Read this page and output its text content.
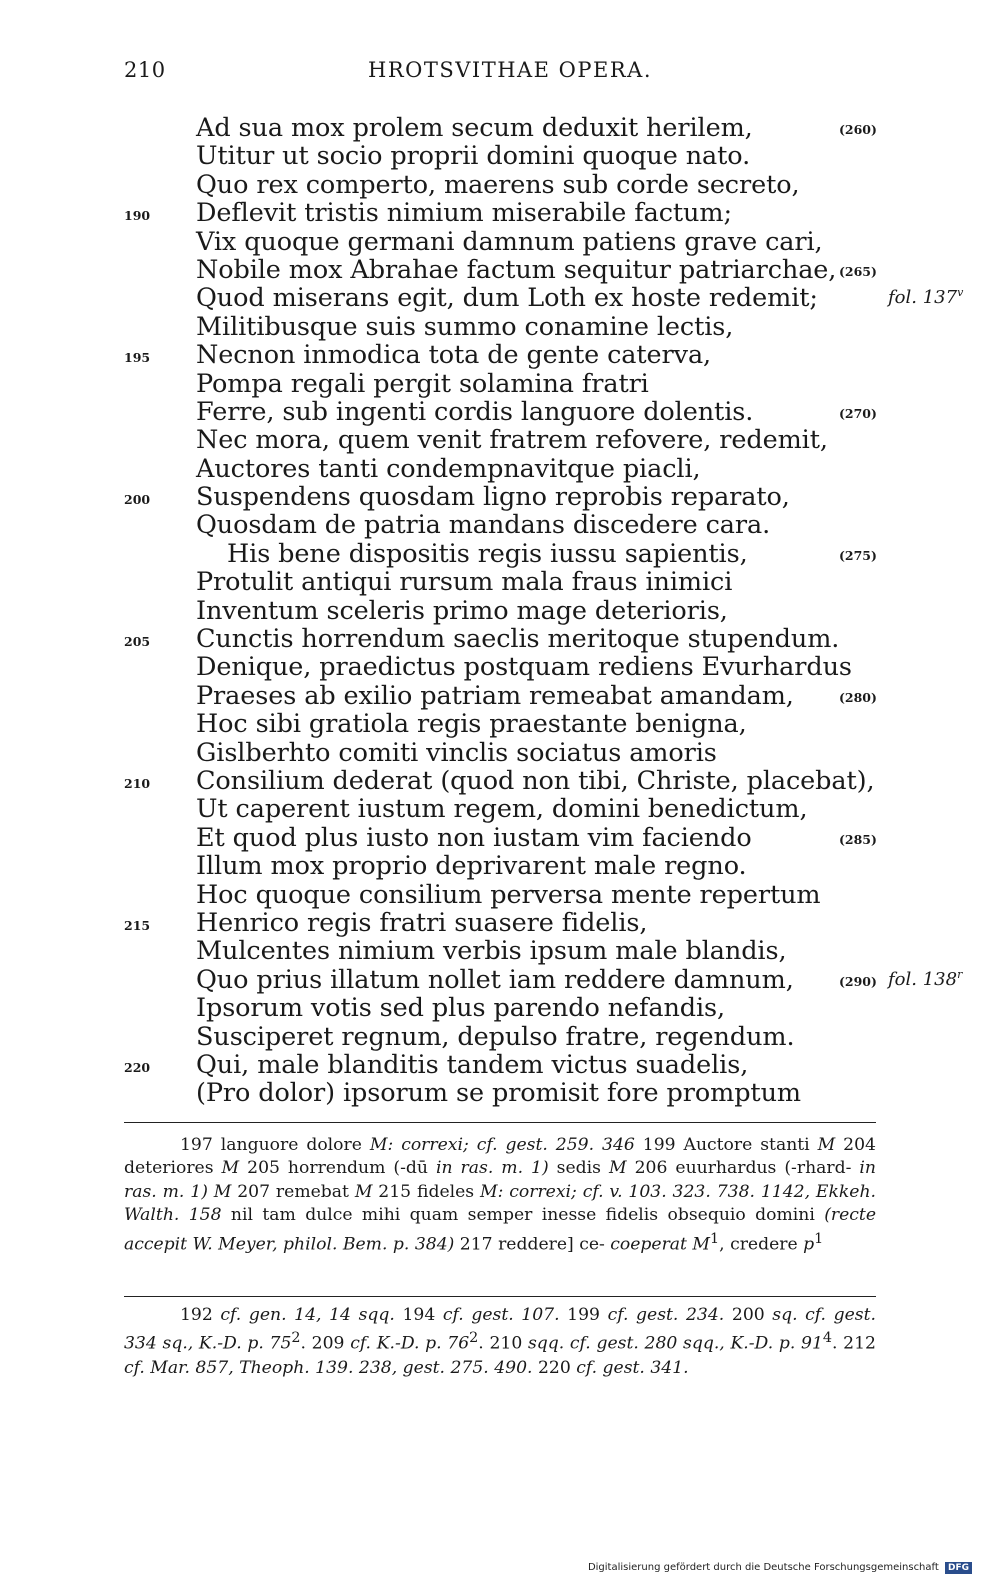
210	HROTSVITHAE OPERA.
Ad sua mox prolem secum deduxit herilem,	(260)
Utitur ut socio proprii domini quoque nato.
Quo rex comperto, maerens sub corde secreto,
190 Deflevit tristis nimium miserabile factum;
Vix quoque germani damnum patiens grave cari,
Nobile mox Abrahae factum sequitur patriarchae, (265)
Quod miserans egit, dum Loth ex hoste redemit;	fol. 137$^v$
Militibusque suis summo conamine lectis,
195 Necnon inmodica tota de gente caterva,
Pompa regali pergit solamina fratri
Ferre, sub ingenti cordis languore dolentis.	(270)
Nec mora, quem venit fratrem refovere, redemit,
Auctores tanti condempnavitque piacli,
200 Suspendens quosdam ligno reprobis reparato,
Quosdam de patria mandans discedere cara.
His bene dispositis regis iussu sapientis,	(275)
Protulit antiqui rursum mala fraus inimici
Inventum sceleris primo mage deterioris,
205 Cunctis horrendum saeclis meritoque stupendum.
Denique, praedictus postquam rediens Evurhardus
Praeses ab exilio patriam remeabat amandam,	(280)
Hoc sibi gratiola regis praestante benigna,
Gislberhto comiti vinclis sociatus amoris
210 Consilium dederat (quod non tibi, Christe, placebat),
Ut caperent iustum regem, domini benedictum,
Et quod plus iusto non iustam vim faciendo	(285)
Illum mox proprio deprivarent male regno.
Hoc quoque consilium perversa mente repertum
215 Henrico regis fratri suasere fidelis,
Mulcentes nimium verbis ipsum male blandis,
Quo prius illatum nollet iam reddere damnum,	(290) fol. 138$^r$
Ipsorum votis sed plus parendo nefandis,
Susciperet regnum, depulso fratre, regendum.
220 Qui, male blanditis tandem victus suadelis,
(Pro dolor) ipsorum se promisit fore promptum

197 languore dolore M: correxi; cf. gest. 259. 346 199 Auctore stanti M 204 deteriores M 205 horrendum (-dū in ras. m. 1) sedis M 206 euurhardus (-rhard- in ras. m. 1) M 207 remebat M 215 fideles M: correxi; cf. v. 103. 323. 738. 1142, Ekkeh. Walth. 158 nil tam dulce mihi quam semper inesse fidelis obsequio domini (recte accepit W. Meyer, philol. Bem. p. 384) 217 reddere] ce- coeperat $M^1$, credere $p^1$

192 cf. gen. 14, 14 sqq. 194 cf. gest. 107. 199 cf. gest. 234. 200 sq. cf. gest. 334 sq., K.-D. p. $75^2$. 209 cf. K.-D. p. $76^2$. 210 sqq. cf. gest. 280 sqq., K.-D. p. $91^4$. 212 cf. Mar. 857, Theoph. 139. 238, gest. 275. 490. 220 cf. gest. 341.

Digitalisierung gefördert durch die Deutsche Forschungsgemeinschaft DFG
